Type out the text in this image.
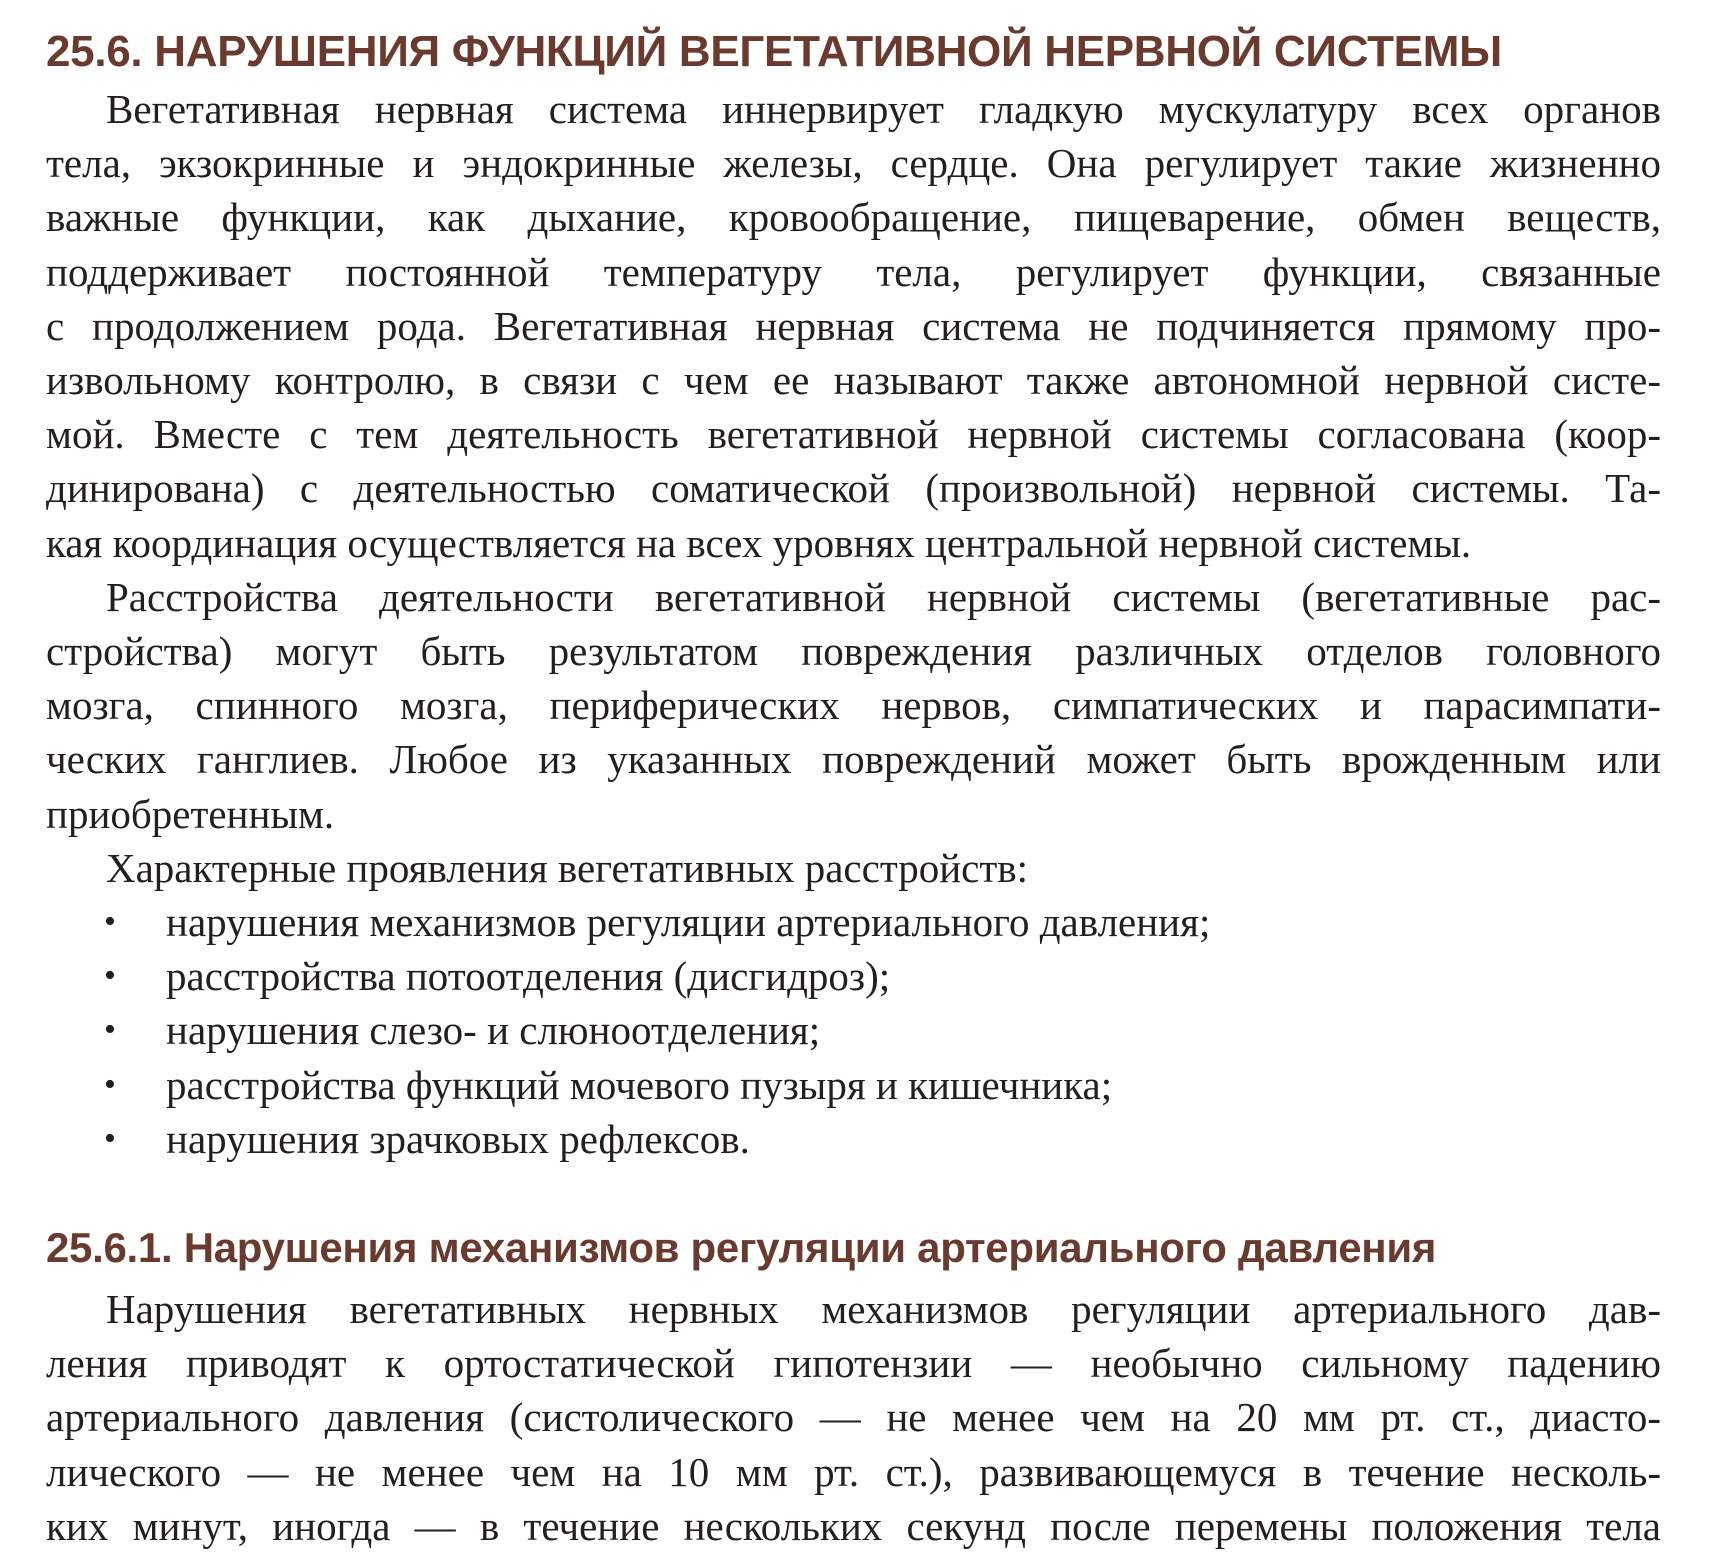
25.6. НАРУШЕНИЯ ФУНКЦИЙ ВЕГЕТАТИВНОЙ НЕРВНОЙ СИСТЕМЫ

Вегетативная нервная система иннервирует гладкую мускулатуру всех органов
тела, экзокринные и эндокринные железы, сердце. Она регулирует такие жизненно
важные функции, как дыхание, кровообращение, пищеварение, обмен веществ,
поддерживает постоянной температуру тела, регулирует функции, связанные
с продолжением рода. Вегетативная нервная система не подчиняется прямому про-
извольному контролю, в связи с чем ее называют также автономной нервной систе-
мой. Вместе с тем деятельность вегетативной нервной системы согласована (коор-
динирована) с деятельностью соматической (произвольной) нервной системы. Та-
кая координация осуществляется на всех уровнях центральной нервной системы.

Расстройства деятельности вегетативной нервной системы (вегетативные рас-
стройства) могут быть результатом повреждения различных отделов головного
мозга, спинного мозга, периферических нервов, симпатических и парасимпати-
ческих ганглиев. Любое из указанных повреждений может быть врожденным или
приобретенным.

Характерные проявления вегетативных расстройств:

• нарушения механизмов регуляции артериального давления;
• расстройства потоотделения (дисгидроз);
• нарушения слезо- и слюноотделения;
• расстройства функций мочевого пузыря и кишечника;
• нарушения зрачковых рефлексов.
25.6.1. Нарушения механизмов регуляции артериального давления

Нарушения вегетативных нервных механизмов регуляции артериального дав-
ления приводят к ортостатической гипотензии — необычно сильному падению
артериального давления (систолического — не менее чем на 20 мм рт. ст., диасто-
лического — не менее чем на 10 мм рт. ст.), развивающемуся в течение несколь-
ких минут, иногда — в течение нескольких секунд после перемены положения тела
